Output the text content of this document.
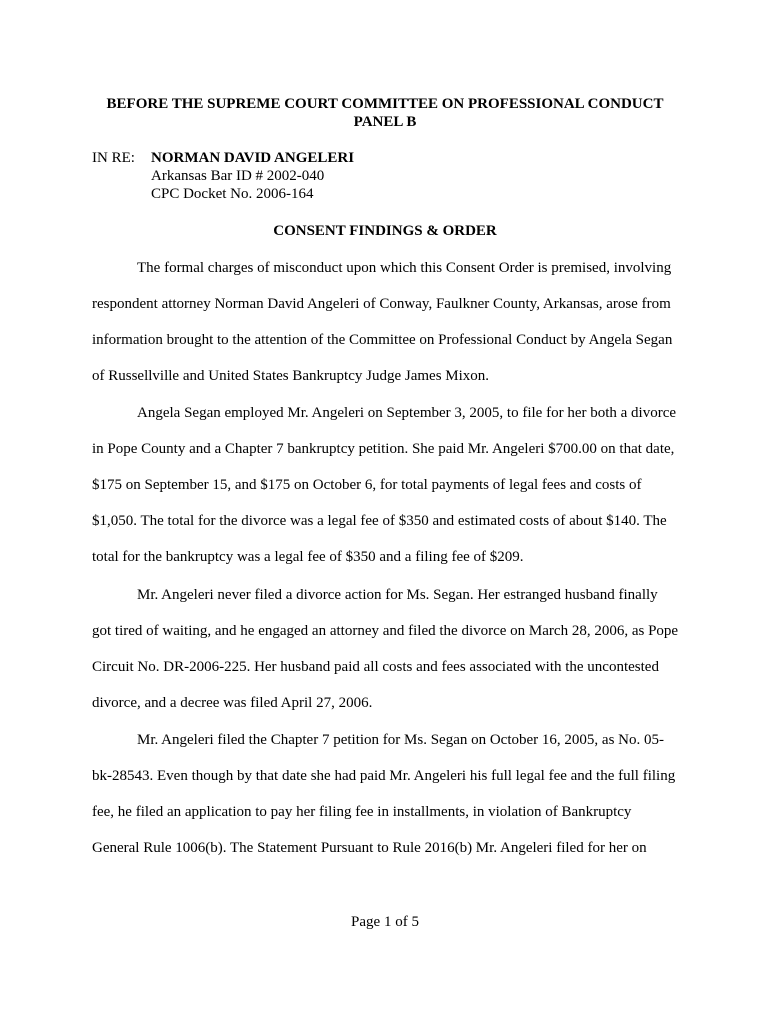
BEFORE THE SUPREME COURT COMMITTEE ON PROFESSIONAL CONDUCT
PANEL B
IN RE: NORMAN DAVID ANGELERI
Arkansas Bar ID # 2002-040
CPC Docket No. 2006-164
CONSENT FINDINGS & ORDER
The formal charges of misconduct upon which this Consent Order is premised, involving
respondent attorney Norman David Angeleri of Conway, Faulkner County, Arkansas, arose from
information brought to the attention of the Committee on Professional Conduct by Angela Segan
of Russellville and United States Bankruptcy Judge James Mixon.
Angela Segan employed Mr. Angeleri on September 3, 2005, to file for her both a divorce
in Pope County and a Chapter 7 bankruptcy petition. She paid Mr. Angeleri $700.00 on that date,
$175 on September 15, and $175 on October 6, for total payments of legal fees and costs of
$1,050. The total for the divorce was a legal fee of $350 and estimated costs of about $140. The
total for the bankruptcy was a legal fee of $350 and a filing fee of $209.
Mr. Angeleri never filed a divorce action for Ms. Segan. Her estranged husband finally
got tired of waiting, and he engaged an attorney and filed the divorce on March 28, 2006, as Pope
Circuit No. DR-2006-225. Her husband paid all costs and fees associated with the uncontested
divorce, and a decree was filed April 27, 2006.
Mr. Angeleri filed the Chapter 7 petition for Ms. Segan on October 16, 2005, as No. 05-
bk-28543. Even though by that date she had paid Mr. Angeleri his full legal fee and the full filing
fee, he filed an application to pay her filing fee in installments, in violation of Bankruptcy
General Rule 1006(b). The Statement Pursuant to Rule 2016(b) Mr. Angeleri filed for her on
Page 1 of 5
